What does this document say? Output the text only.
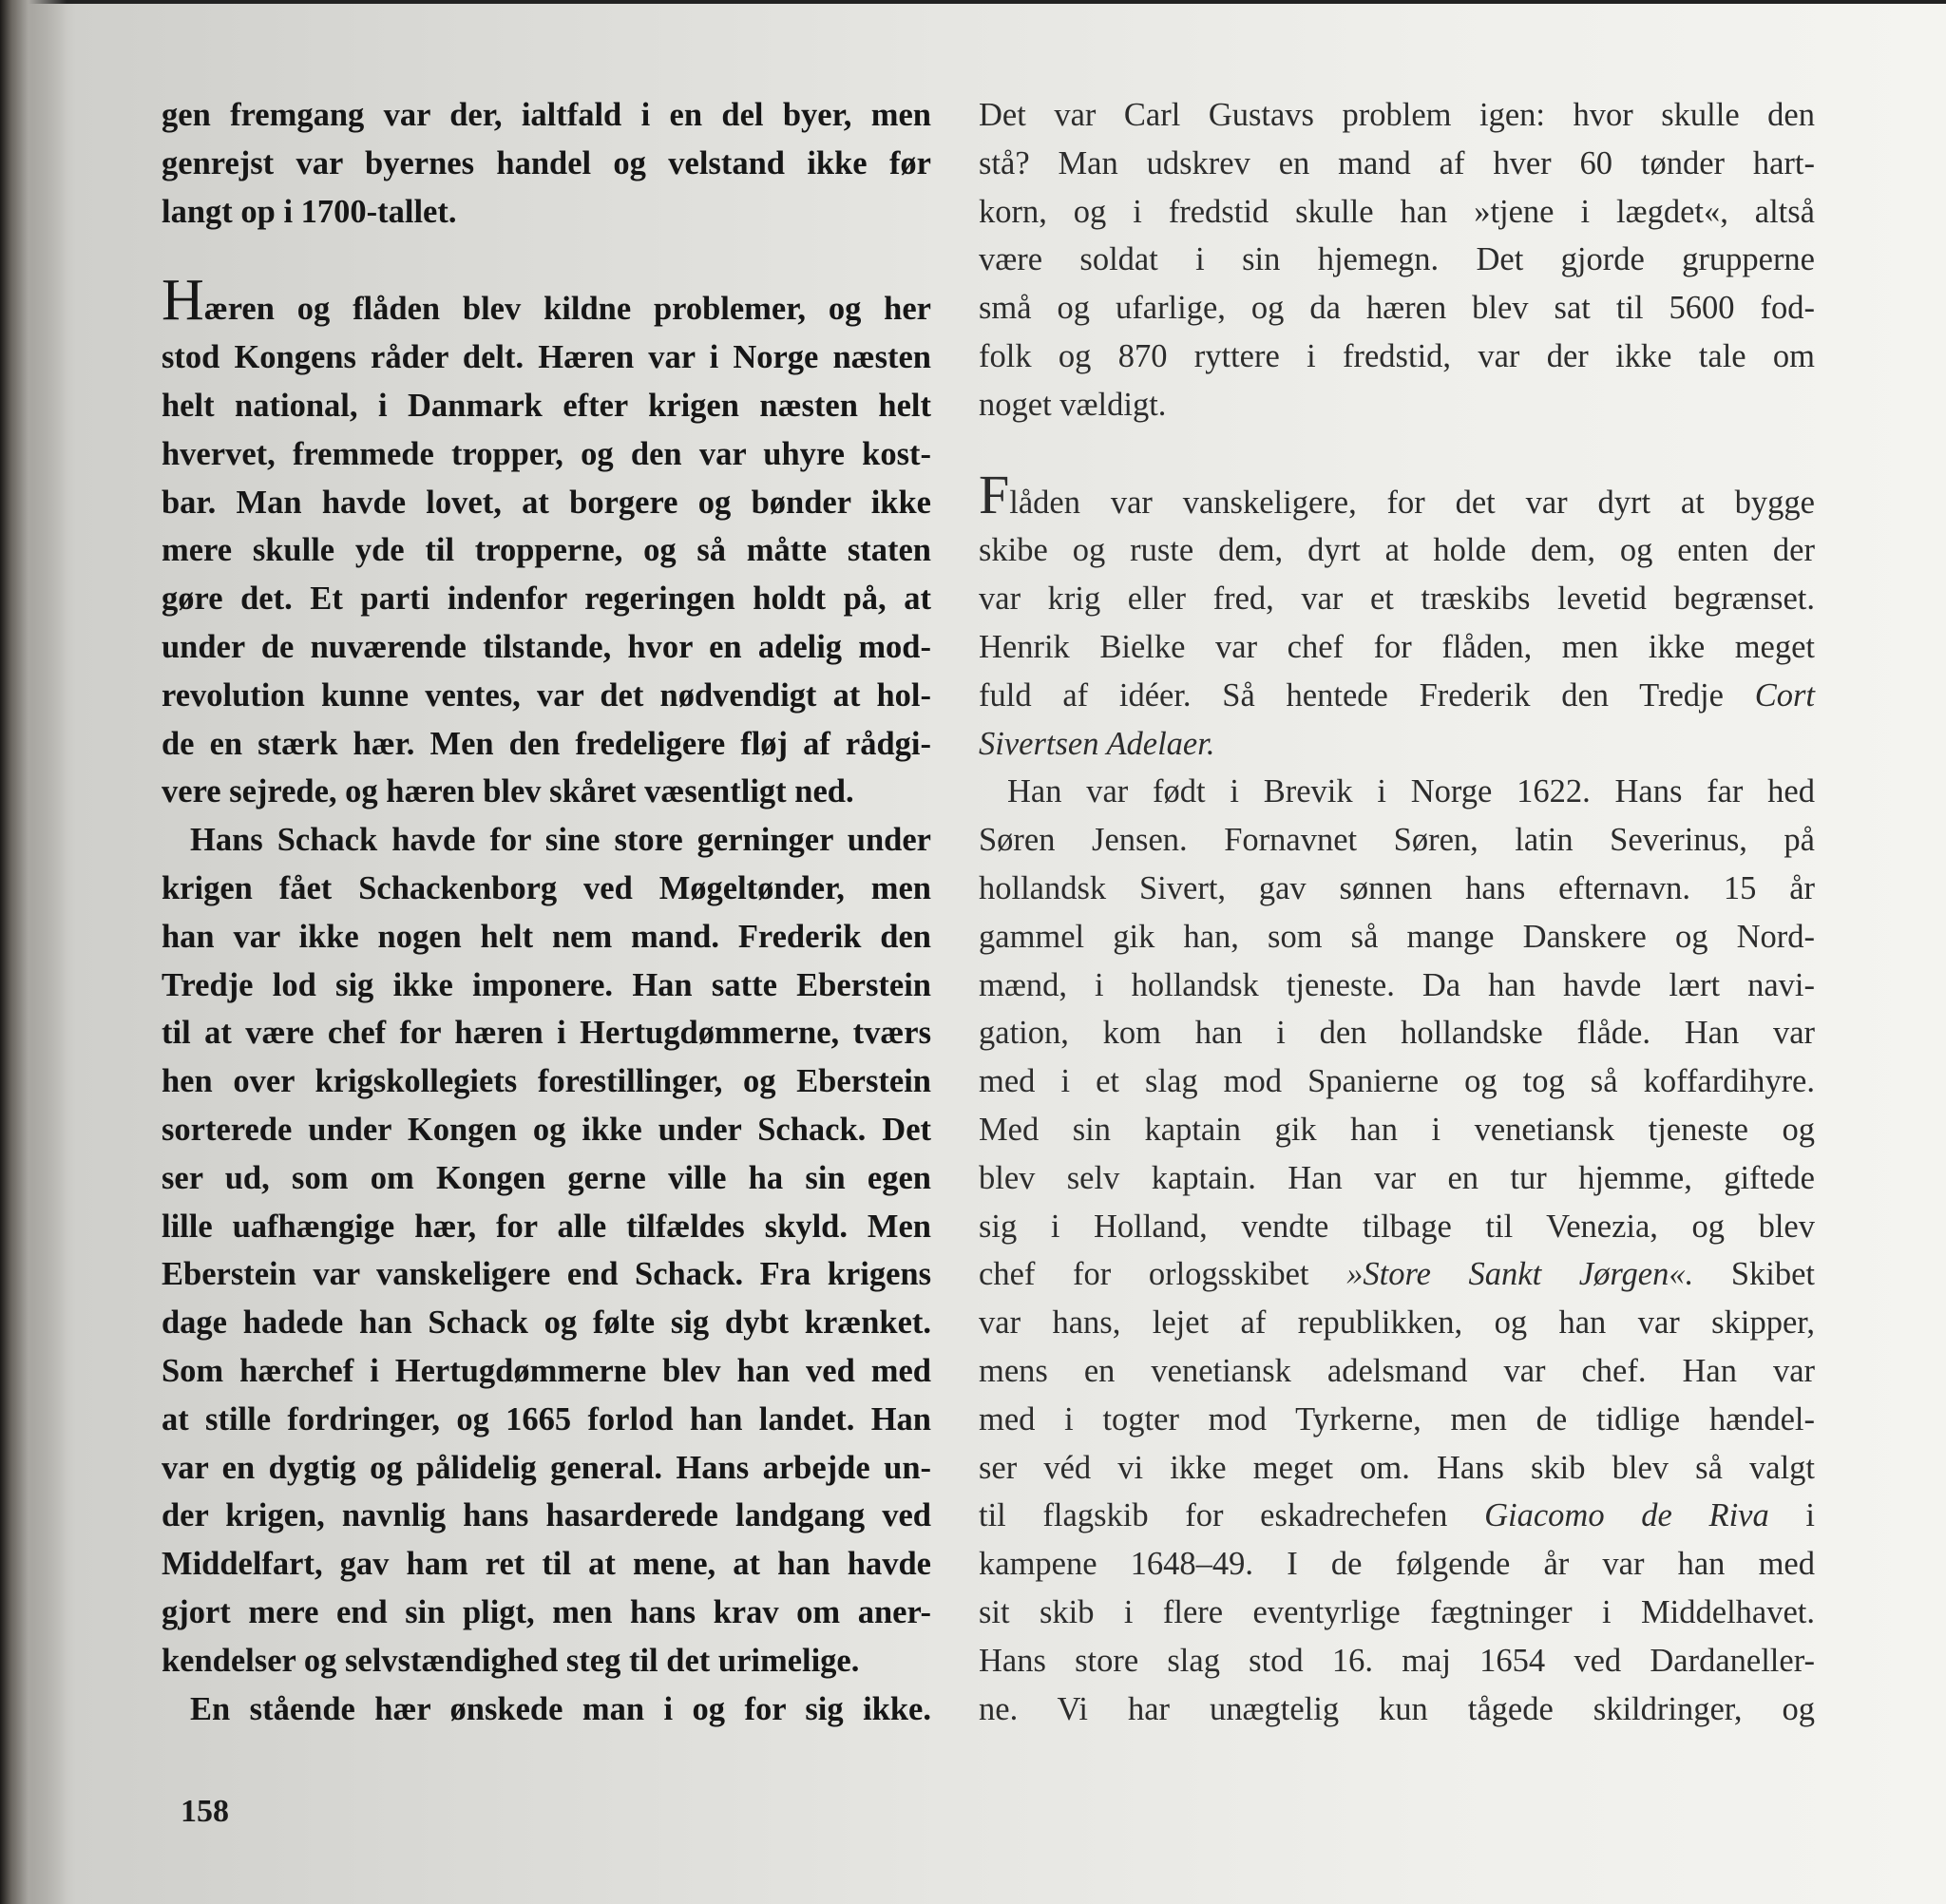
gen fremgang var der, ialtfald i en del byer, men

genrejst var byernes handel og velstand ikke før

langt op i 1700-tallet.

Hæren og flåden blev kildne problemer, og her

stod Kongens råder delt. Hæren var i Norge næsten

helt national, i Danmark efter krigen næsten helt

hvervet, fremmede tropper, og den var uhyre kost-

bar. Man havde lovet, at borgere og bønder ikke

mere skulle yde til tropperne, og så måtte staten

gøre det. Et parti indenfor regeringen holdt på, at

under de nuværende tilstande, hvor en adelig mod-

revolution kunne ventes, var det nødvendigt at hol-

de en stærk hær. Men den fredeligere fløj af rådgi-

vere sejrede, og hæren blev skåret væsentligt ned.

Hans Schack havde for sine store gerninger under

krigen fået Schackenborg ved Møgeltønder, men

han var ikke nogen helt nem mand. Frederik den

Tredje lod sig ikke imponere. Han satte Eberstein

til at være chef for hæren i Hertugdømmerne, tværs

hen over krigskollegiets forestillinger, og Eberstein

sorterede under Kongen og ikke under Schack. Det

ser ud, som om Kongen gerne ville ha sin egen

lille uafhængige hær, for alle tilfældes skyld. Men

Eberstein var vanskeligere end Schack. Fra krigens

dage hadede han Schack og følte sig dybt krænket.

Som hærchef i Hertugdømmerne blev han ved med

at stille fordringer, og 1665 forlod han landet. Han

var en dygtig og pålidelig general. Hans arbejde un-

der krigen, navnlig hans hasarderede landgang ved

Middelfart, gav ham ret til at mene, at han havde

gjort mere end sin pligt, men hans krav om aner-

kendelser og selvstændighed steg til det urimelige.

En stående hær ønskede man i og for sig ikke.

Det var Carl Gustavs problem igen: hvor skulle den

stå? Man udskrev en mand af hver 60 tønder hart-

korn, og i fredstid skulle han »tjene i lægdet«, altså

være soldat i sin hjemegn. Det gjorde grupperne

små og ufarlige, og da hæren blev sat til 5600 fod-

folk og 870 ryttere i fredstid, var der ikke tale om

noget vældigt.

Flåden var vanskeligere, for det var dyrt at bygge

skibe og ruste dem, dyrt at holde dem, og enten der

var krig eller fred, var et træskibs levetid begrænset.

Henrik Bielke var chef for flåden, men ikke meget

fuld af idéer. Så hentede Frederik den Tredje Cort

Sivertsen Adelaer.

Han var født i Brevik i Norge 1622. Hans far hed

Søren Jensen. Fornavnet Søren, latin Severinus, på

hollandsk Sivert, gav sønnen hans efternavn. 15 år

gammel gik han, som så mange Danskere og Nord-

mænd, i hollandsk tjeneste. Da han havde lært navi-

gation, kom han i den hollandske flåde. Han var

med i et slag mod Spanierne og tog så koffardihyre.

Med sin kaptain gik han i venetiansk tjeneste og

blev selv kaptain. Han var en tur hjemme, giftede

sig i Holland, vendte tilbage til Venezia, og blev

chef for orlogsskibet »Store Sankt Jørgen«. Skibet

var hans, lejet af republikken, og han var skipper,

mens en venetiansk adelsmand var chef. Han var

med i togter mod Tyrkerne, men de tidlige hændel-

ser véd vi ikke meget om. Hans skib blev så valgt

til flagskib for eskadrechefen Giacomo de Riva i

kampene 1648–49. I de følgende år var han med

sit skib i flere eventyrlige fægtninger i Middelhavet.

Hans store slag stod 16. maj 1654 ved Dardaneller-

ne. Vi har unægtelig kun tågede skildringer, og

158
